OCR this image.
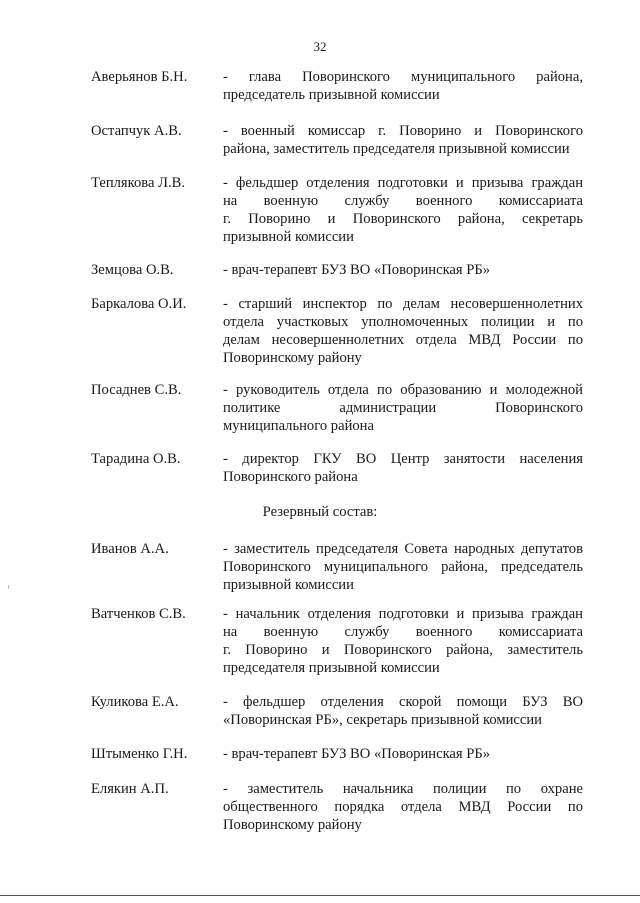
32
Аверьянов Б.Н. - глава Поворинского муниципального района,

председатель призывной комиссии

Остапчук А.В.	- военный комиссар г. Поворино и Поворинского

района, заместитель председателя призывной комиссии

Теплякова Л.В.	- фельдшер отделения подготовки и призыва граждан

на военную службу военного комиссариата

г. Поворино и Поворинского района, секретарь

призывной комиссии

Земцова О.В.	- врач-терапевт БУЗ ВО «Поворинская РБ»

Баркалова О.И.	- старший инспектор по делам несовершеннолетних

отдела участковых уполномоченных полиции и по

делам несовершеннолетних отдела МВД России по

Поворинскому району

Посаднев С.В.	- руководитель отдела по образованию и молодежной

политике администрации Поворинского

муниципального района

Тарадина О.В.	- директор ГКУ ВО Центр занятости населения

Поворинского района

Резервный состав:
Иванов А.А.	- заместитель председателя Совета народных депутатов

Поворинского муниципального района, председатель

призывной комиссии

Ватченков С.В.	- начальник отделения подготовки и призыва граждан

на военную службу военного комиссариата

г. Поворино и Поворинского района, заместитель

председателя призывной комиссии

Куликова Е.А.	- фельдшер отделения скорой помощи БУЗ ВО

«Поворинская РБ», секретарь призывной комиссии

Штыменко Г.Н. - врач-терапевт БУЗ ВО «Поворинская РБ»

Елякин А.П.	- заместитель начальника полиции по охране

общественного порядка отдела МВД России по

Поворинскому району
